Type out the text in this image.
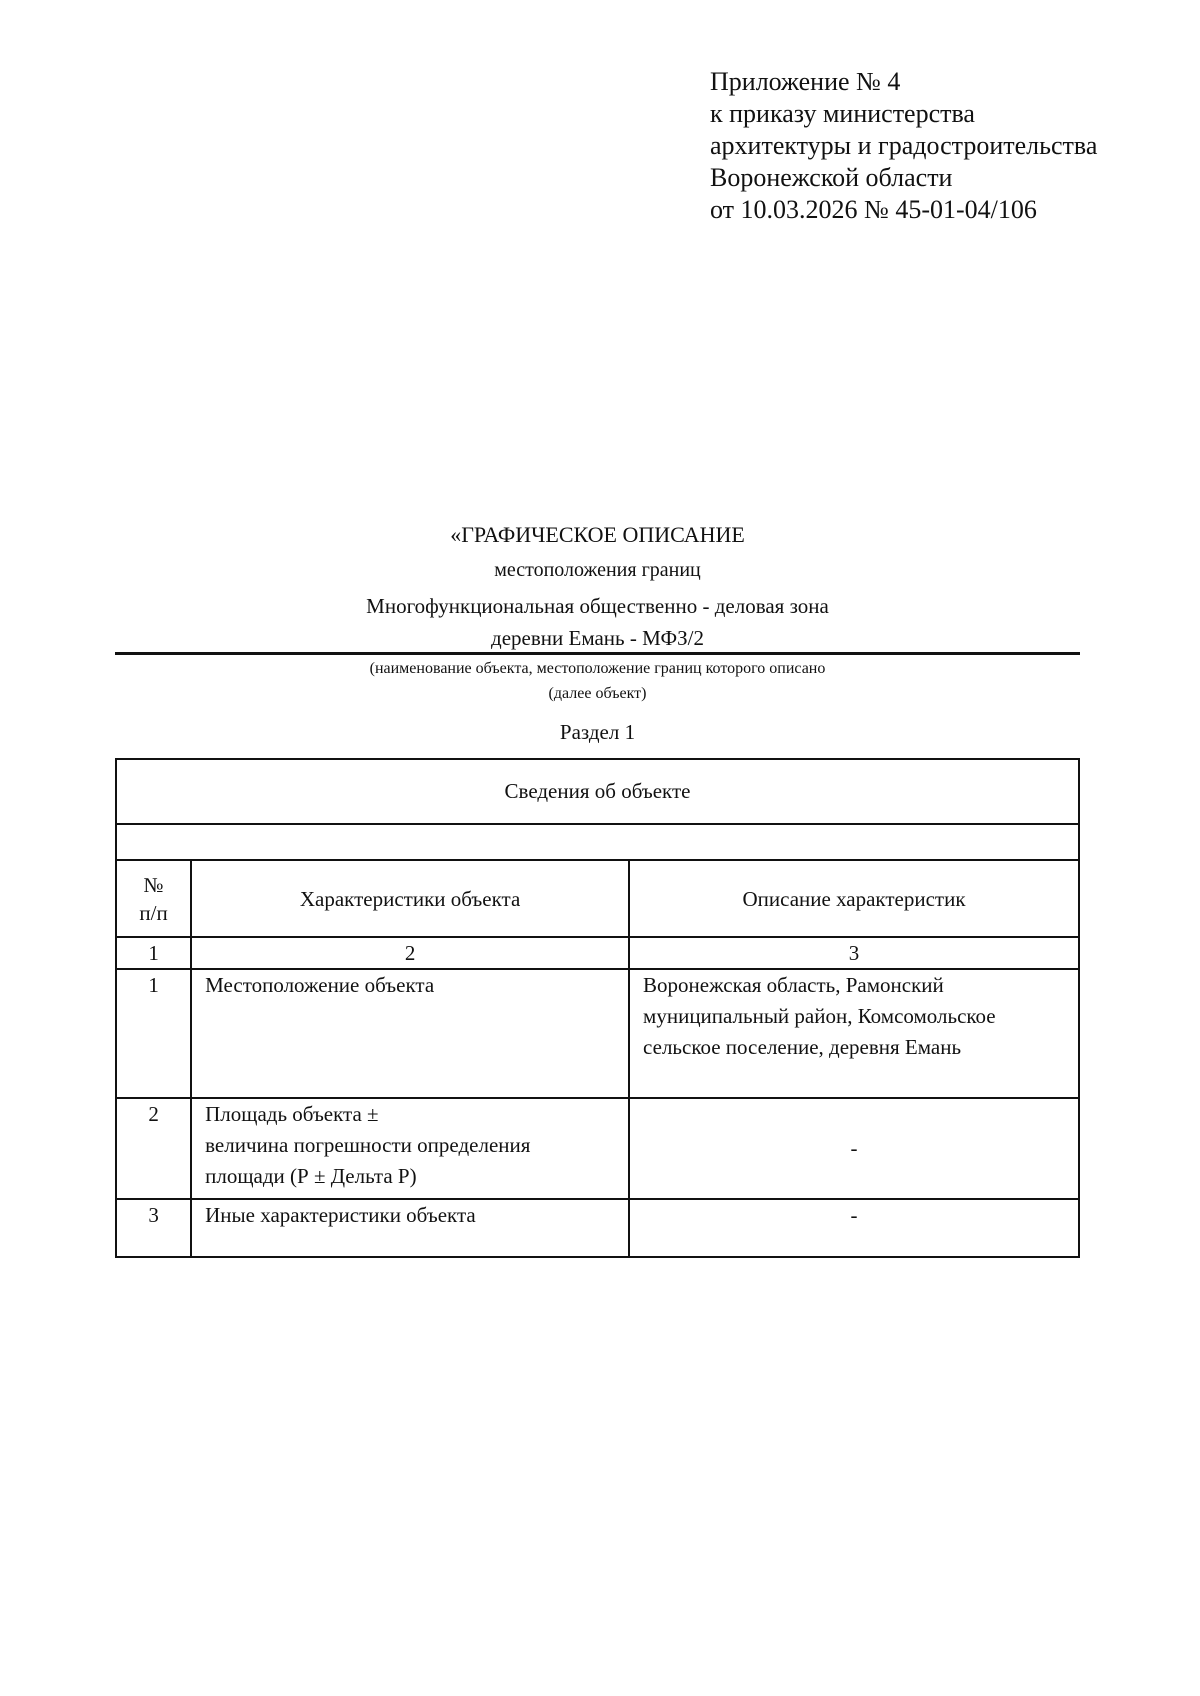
Приложение № 4
к приказу министерства
архитектуры и градостроительства
Воронежской области
от 10.03.2026 № 45-01-04/106
«ГРАФИЧЕСКОЕ ОПИСАНИЕ
местоположения границ
Многофункциональная общественно - деловая зона
деревни Емань - МФЗ/2
(наименование объекта, местоположение границ которого описано
(далее объект)
Раздел 1
Сведения об объекте		

№
п/п	Характеристики объекта	Описание характеристик
1	2	3
1	Местоположение объекта	Воронежская область, Рамонский
муниципальный район, Комсомольское
сельское поселение, деревня Емань

2	Площадь объекта ±
величина погрешности определения
площади (Р ± Дельта Р)	-
3	Иные характеристики объекта	-
